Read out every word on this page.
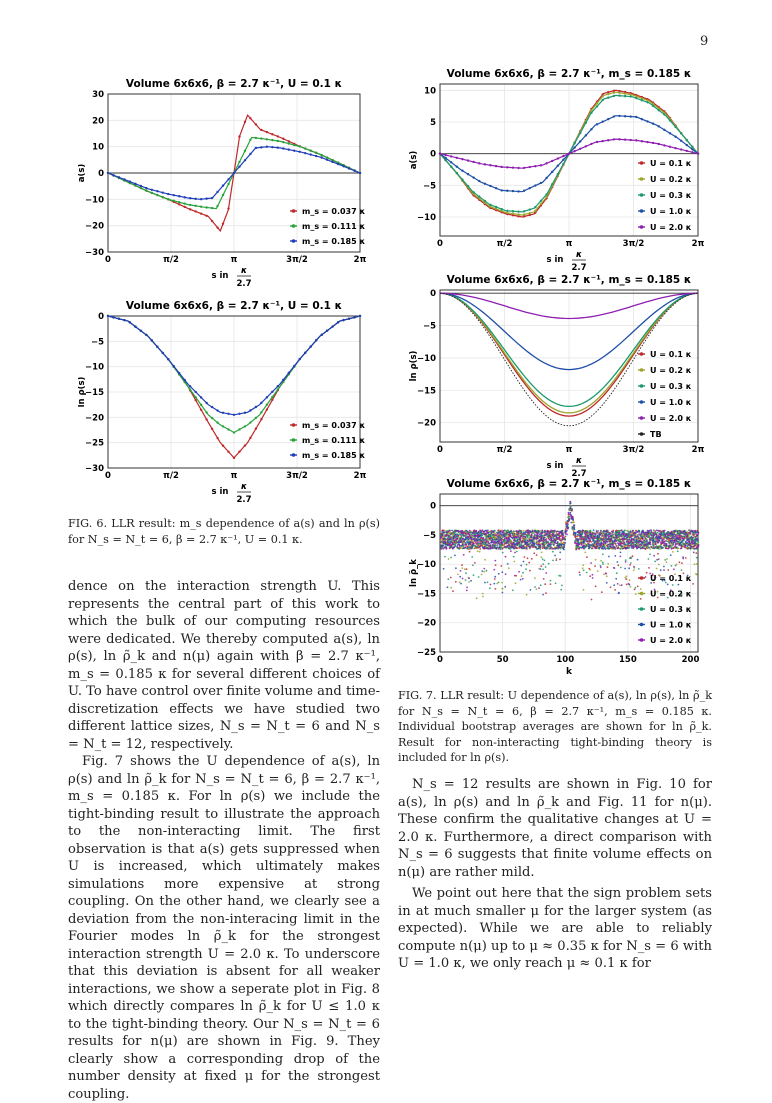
9
Volume 6x6x6, β = 2.7 κ⁻¹, U = 0.1 κ
0	π/2	π	3π/2	2π
−30
−20
−10
0
10
20
30
s in κ
2.7
a(s)
m_s = 0.037 κ
m_s = 0.111 κ
m_s = 0.185 κ
Volume 6x6x6, β = 2.7 κ⁻¹, U = 0.1 κ
0	π/2	π	3π/2	2π
−30
−25
−20
−15
−10
−5
0
s in κ
2.7
ln ρ(s)
m_s = 0.037 κ
m_s = 0.111 κ
m_s = 0.185 κ
FIG. 6. LLR result: m_s dependence of a(s) and ln ρ(s) for N_s = N_t = 6, β = 2.7 κ⁻¹, U = 0.1 κ.
Volume 6x6x6, β = 2.7 κ⁻¹, m_s = 0.185 κ
0	π/2	π	3π/2	2π
−10
−5
0
5
10
s in κ
2.7
a(s)	U = 0.1 κ
U = 0.2 κ
U = 0.3 κ
U = 1.0 κ
U = 2.0 κ
Volume 6x6x6, β = 2.7 κ⁻¹, m_s = 0.185 κ
0	π/2	π	3π/2	2π
−20
−15
−10
−5
0
s in κ
2.7
ln ρ(s)	U = 0.1 κ
U = 0.2 κ
U = 0.3 κ
U = 1.0 κ
U = 2.0 κ
TB
Volume 6x6x6, β = 2.7 κ⁻¹, m_s = 0.185 κ
0	50	100	150	200
−25
−20
−15
−10
−5
0
k
ln ρ̃_k	U = 0.1 κ
U = 0.2 κ
U = 0.3 κ
U = 1.0 κ
U = 2.0 κ
FIG. 7. LLR result: U dependence of a(s), ln ρ(s), ln ρ̃_k for N_s = N_t = 6, β = 2.7 κ⁻¹, m_s = 0.185 κ. Individual bootstrap averages are shown for ln ρ̃_k. Result for non-interacting tight-binding theory is included for ln ρ(s).

dence on the interaction strength U. This represents the central part of this work to which the bulk of our computing resources were dedicated. We thereby computed a(s), ln ρ(s), ln ρ̃_k and n(μ) again with β = 2.7 κ⁻¹, m_s = 0.185 κ for several different choices of U. To have control over finite volume and time-discretization effects we have studied two different lattice sizes, N_s = N_t = 6 and N_s = N_t = 12, respectively.

Fig. 7 shows the U dependence of a(s), ln ρ(s) and ln ρ̃_k for N_s = N_t = 6, β = 2.7 κ⁻¹, m_s = 0.185 κ. For ln ρ(s) we include the tight-binding result to illustrate the approach to the non-interacting limit. The first observation is that a(s) gets suppressed when U is increased, which ultimately makes simulations more expensive at strong coupling. On the other hand, we clearly see a deviation from the non-interacing limit in the Fourier modes ln ρ̃_k for the strongest interaction strength U = 2.0 κ. To underscore that this deviation is absent for all weaker interactions, we show a seperate plot in Fig. 8 which directly compares ln ρ̃_k for U ≤ 1.0 κ to the tight-binding theory. Our N_s = N_t = 6 results for n(μ) are shown in Fig. 9. They clearly show a corresponding drop of the number density at fixed μ for the strongest coupling.

N_s = 12 results are shown in Fig. 10 for a(s), ln ρ(s) and ln ρ̃_k and Fig. 11 for n(μ). These confirm the qualitative changes at U = 2.0 κ. Furthermore, a direct comparison with N_s = 6 suggests that finite volume effects on n(μ) are rather mild.

We point out here that the sign problem sets in at much smaller μ for the larger system (as expected). While we are able to reliably compute n(μ) up to μ ≈ 0.35 κ for N_s = 6 with U = 1.0 κ, we only reach μ ≈ 0.1 κ for
